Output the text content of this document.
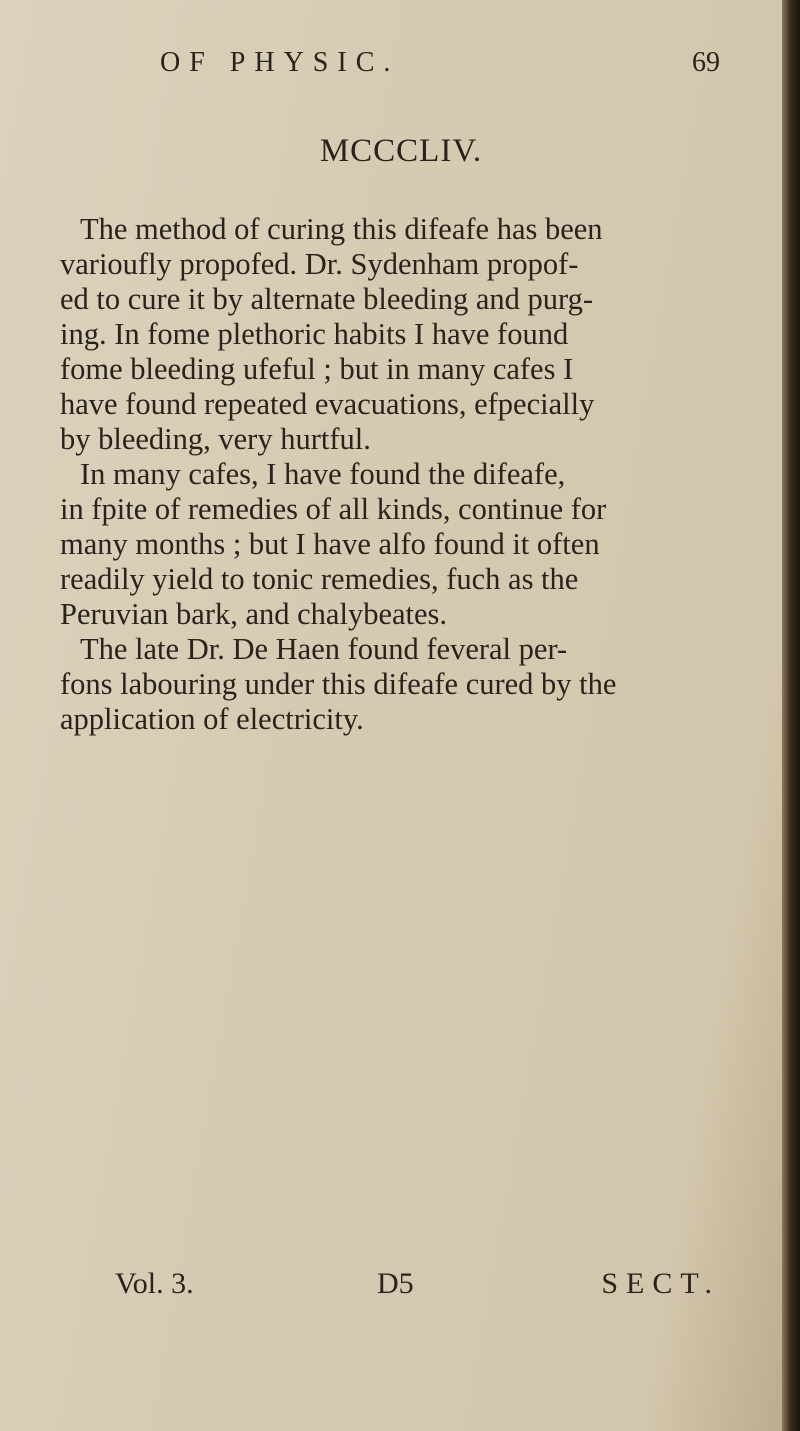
OF PHYSIC.	69
MCCCLIV.
The method of curing this difeafe has been
varioufly propofed. Dr. Sydenham propof-
ed to cure it by alternate bleeding and purg-
ing. In fome plethoric habits I have found
fome bleeding ufeful ; but in many cafes I
have found repeated evacuations, efpecially
by bleeding, very hurtful.
In many cafes, I have found the difeafe,
in fpite of remedies of all kinds, continue for
many months ; but I have alfo found it often
readily yield to tonic remedies, fuch as the
Peruvian bark, and chalybeates.
The late Dr. De Haen found feveral per-
fons labouring under this difeafe cured by the
application of electricity.
Vol. 3.	D5	SECT.
